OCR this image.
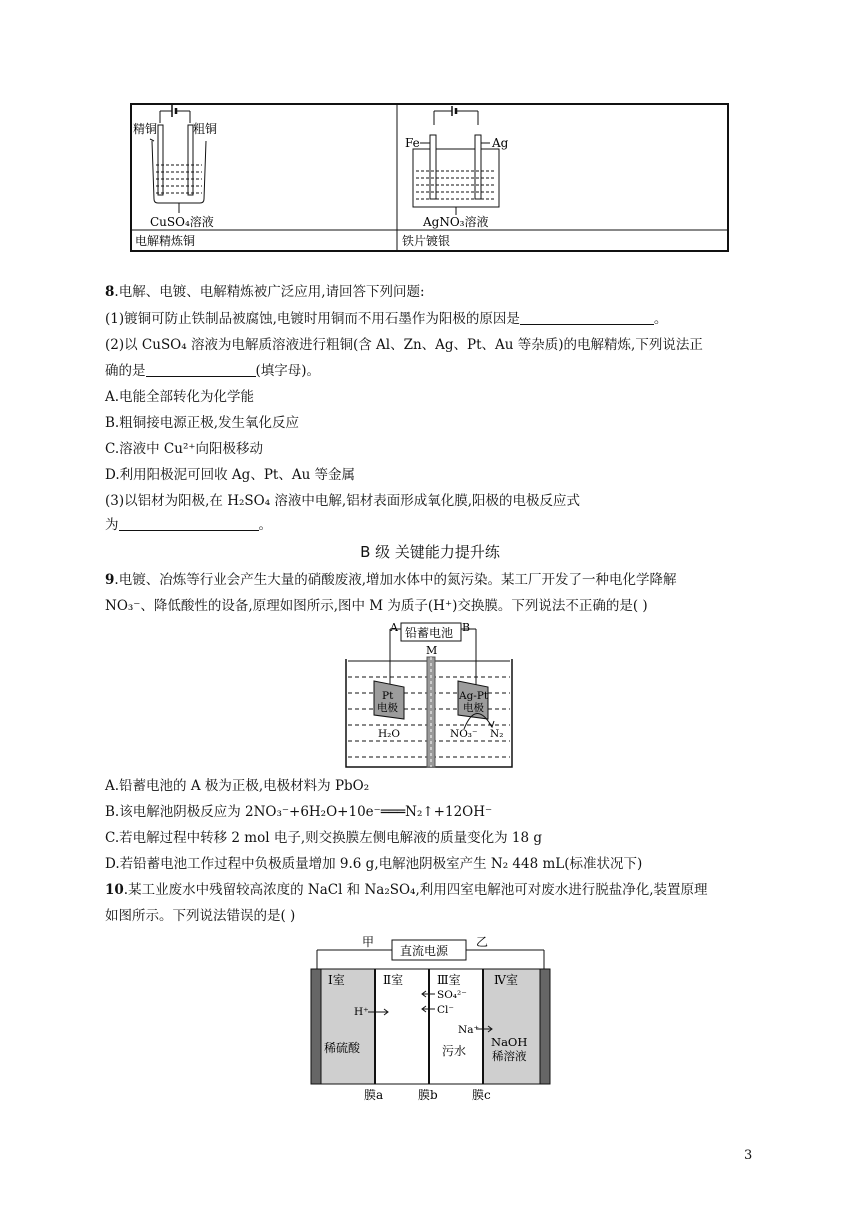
精铜	粗铜
CuSO₄溶液
Fe	Ag
AgNO₃溶液
电解精炼铜	铁片镀银
8.电解、电镀、电解精炼被广泛应用,请回答下列问题:
(1)镀铜可防止铁制品被腐蚀,电镀时用铜而不用石墨作为阳极的原因是	。
(2)以 CuSO₄ 溶液为电解质溶液进行粗铜(含 Al、Zn、Ag、Pt、Au 等杂质)的电解精炼,下列说法正
确的是	(填字母)。
A.电能全部转化为化学能
B.粗铜接电源正极,发生氧化反应
C.溶液中 Cu²⁺向阳极移动
D.利用阳极泥可回收 Ag、Pt、Au 等金属
(3)以铝材为阳极,在 H₂SO₄ 溶液中电解,铝材表面形成氧化膜,阳极的电极反应式
为	。
B 级 关键能力提升练
9.电镀、冶炼等行业会产生大量的硝酸废液,增加水体中的氮污染。某工厂开发了一种电化学降解
NO₃⁻、降低酸性的设备,原理如图所示,图中 M 为质子(H⁺)交换膜。下列说法不正确的是( )
铅蓄电池
A	B
M
Pt
电极
Ag-Pt
电极
H₂O	NO₃⁻ N₂
A.铅蓄电池的 A 极为正极,电极材料为 PbO₂
B.该电解池阴极反应为 2NO₃⁻+6H₂O+10e⁻═══N₂↑+12OH⁻
C.若电解过程中转移 2 mol 电子,则交换膜左侧电解液的质量变化为 18 g
D.若铅蓄电池工作过程中负极质量增加 9.6 g,电解池阴极室产生 N₂ 448 mL(标准状况下)
10.某工业废水中残留较高浓度的 NaCl 和 Na₂SO₄,利用四室电解池可对废水进行脱盐净化,装置原理
如图所示。下列说法错误的是( )
直流电源
甲	乙
Ⅰ室	Ⅱ室	Ⅲ室	Ⅳ室
H⁺
SO₄²⁻
Cl⁻
Na⁺
稀硫酸	污水
NaOH
稀溶液
膜a	膜b	膜c
3
